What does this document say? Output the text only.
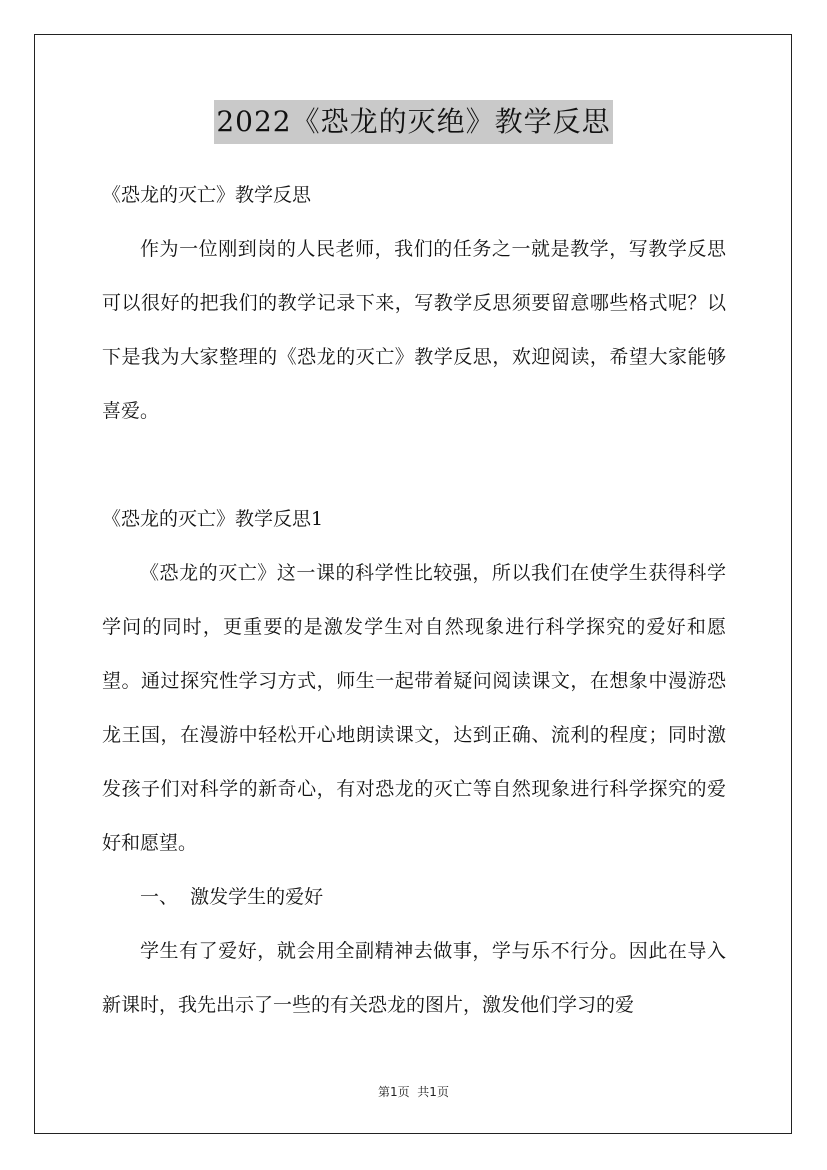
2022《恐龙的灭绝》教学反思

《恐龙的灭亡》教学反思

作为一位刚到岗的人民老师，我们的任务之一就是教学，写教学反思可以很好的把我们的教学记录下来，写教学反思须要留意哪些格式呢？以下是我为大家整理的《恐龙的灭亡》教学反思，欢迎阅读，希望大家能够喜爱。

《恐龙的灭亡》教学反思1

《恐龙的灭亡》这一课的科学性比较强，所以我们在使学生获得科学学问的同时，更重要的是激发学生对自然现象进行科学探究的爱好和愿望。通过探究性学习方式，师生一起带着疑问阅读课文，在想象中漫游恐龙王国，在漫游中轻松开心地朗读课文，达到正确、流利的程度；同时激发孩子们对科学的新奇心，有对恐龙的灭亡等自然现象进行科学探究的爱好和愿望。

一、  激发学生的爱好

学生有了爱好，就会用全副精神去做事，学与乐不行分。因此在导入新课时，我先出示了一些的有关恐龙的图片，激发他们学习的爱

第1页  共1页
